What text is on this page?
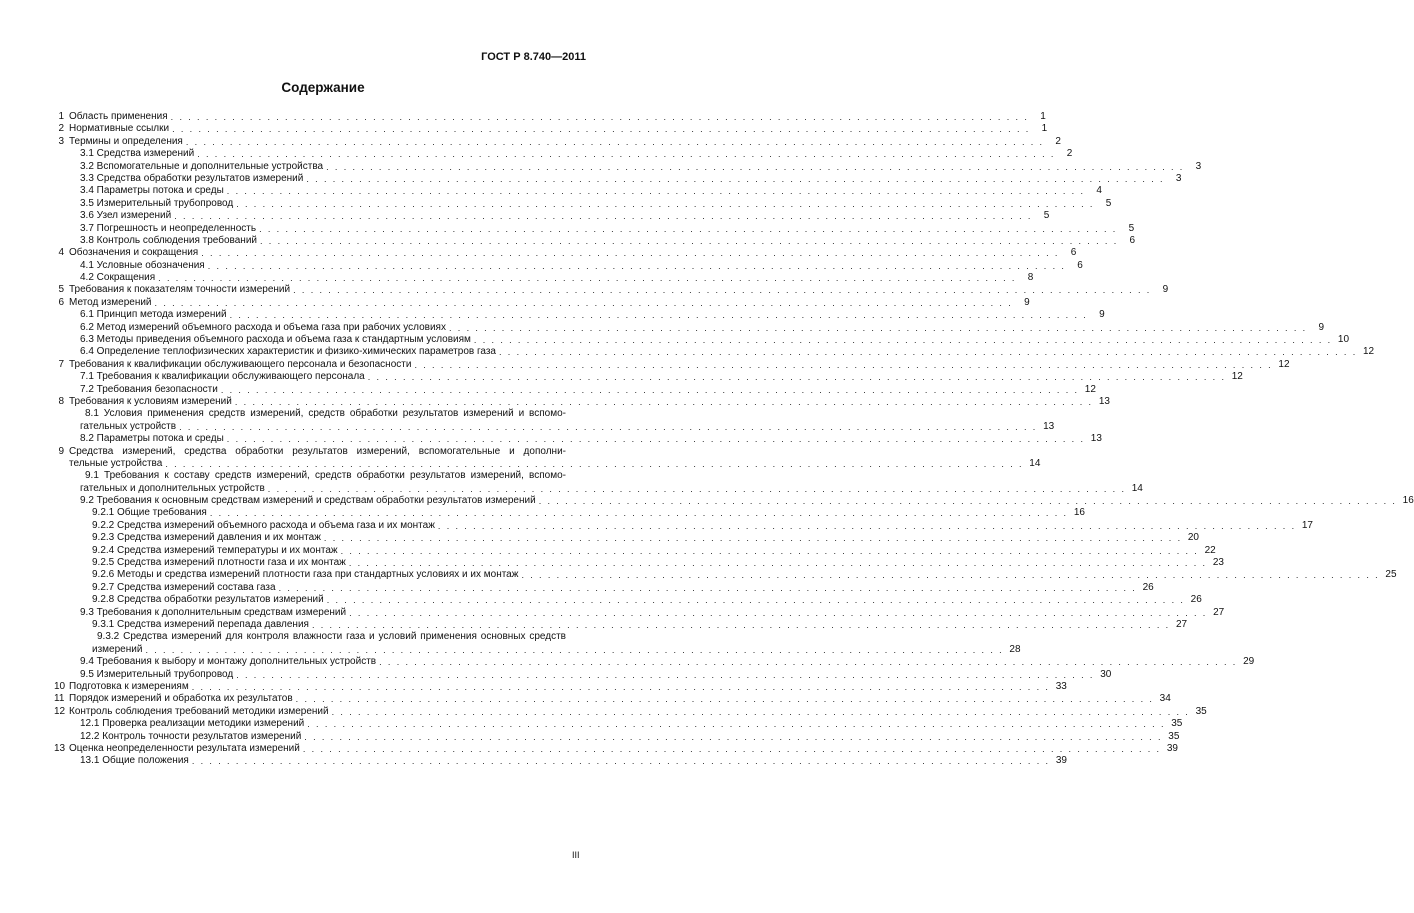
ГОСТ Р 8.740—2011
Содержание
1 Область применения . . .	1
2 Нормативные ссылки . . .	1
3 Термины и определения . . .	2
3.1 Средства измерений . . .	2
3.2 Вспомогательные и дополнительные устройства . . .	3
3.3 Средства обработки результатов измерений . . .	3
3.4 Параметры потока и среды . . .	4
3.5 Измерительный трубопровод . . .	5
3.6 Узел измерений . . .	5
3.7 Погрешность и неопределенность . . .	5
3.8 Контроль соблюдения требований . . .	6
4 Обозначения и сокращения . . .	6
4.1 Условные обозначения . . .	6
4.2 Сокращения . . .	8
5 Требования к показателям точности измерений . . .	9
6 Метод измерений . . .	9
6.1 Принцип метода измерений . . .	9
6.2 Метод измерений объемного расхода и объема газа при рабочих условиях . . .	9
6.3 Методы приведения объемного расхода и объема газа к стандартным условиям . . .	10
6.4 Определение теплофизических характеристик и физико-химических параметров газа . . .	12
7 Требования к квалификации обслуживающего персонала и безопасности . . .	12
7.1 Требования к квалификации обслуживающего персонала . . .	12
7.2 Требования безопасности . . .	12
8 Требования к условиям измерений . . .	13
8.1 Условия применения средств измерений, средств обработки результатов измерений и вспомо-
гательных устройств . . .	13
8.2 Параметры потока и среды . . .	13
9 Средства измерений, средства обработки результатов измерений, вспомогательные и дополни-
тельные устройства . . .	14
9.1 Требования к составу средств измерений, средств обработки результатов измерений, вспомо-
гательных и дополнительных устройств . . .	14
9.2 Требования к основным средствам измерений и средствам обработки результатов измерений . . .	16
9.2.1 Общие требования . . .	16
9.2.2 Средства измерений объемного расхода и объема газа и их монтаж . . .	17
9.2.3 Средства измерений давления и их монтаж . . .	20
9.2.4 Средства измерений температуры и их монтаж . . .	22
9.2.5 Средства измерений плотности газа и их монтаж . . .	23
9.2.6 Методы и средства измерений плотности газа при стандартных условиях и их монтаж . . .	25
9.2.7 Средства измерений состава газа . . .	26
9.2.8 Средства обработки результатов измерений . . .	26
9.3 Требования к дополнительным средствам измерений . . .	27
9.3.1 Средства измерений перепада давления . . .	27
9.3.2 Средства измерений для контроля влажности газа и условий применения основных средств
измерений . . .	28
9.4 Требования к выбору и монтажу дополнительных устройств . . .	29
9.5 Измерительный трубопровод . . .	30
10 Подготовка к измерениям . . .	33
11 Порядок измерений и обработка их результатов . . .	34
12 Контроль соблюдения требований методики измерений . . .	35
12.1 Проверка реализации методики измерений . . .	35
12.2 Контроль точности результатов измерений . . .	35
13 Оценка неопределенности результата измерений . . .	39
13.1 Общие положения . . .	39
III
